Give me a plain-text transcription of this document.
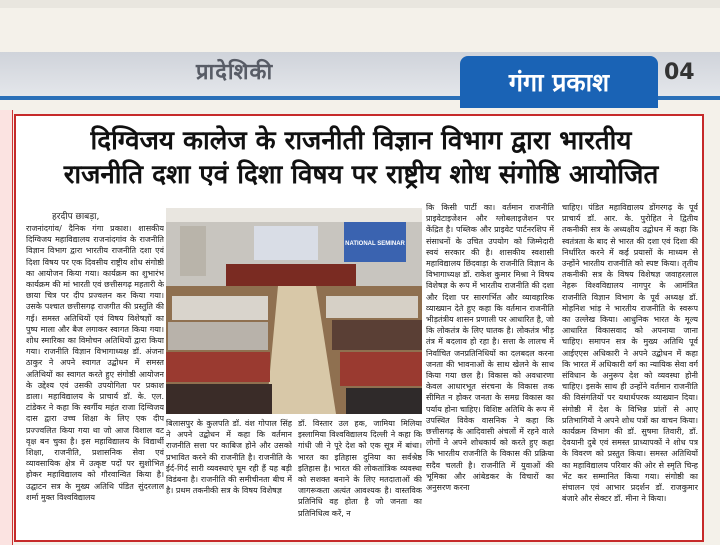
प्रादेशिकी	गंगा प्रकाश 04
दिग्विजय कालेज के राजनीती विज्ञान विभाग द्वारा भारतीय
राजनीति दशा एवं दिशा विषय पर राष्ट्रीय शोध संगोष्ठि आयोजित
हरदीप छाबड़ा,
राजनांदगांव/ दैनिक गंगा प्रकाश। शासकीय दिग्विजय महाविद्यालय राजनांदगांव के राजनीति विज्ञान विभाग द्वारा भारतीय राजनीति दशा एवं दिशा विषय पर एक दिवसीय राष्ट्रीय शोध संगोष्ठी का आयोजन किया गया। कार्यक्रम का शुभारंभ कार्यक्रम की मां भारती एवं छत्तीसगढ़ महतारी के छाया चित्र पर दीप प्रज्वलन कर किया गया। उसके पश्चात छत्तीसगढ़ राजगीत की प्रस्तुति की गई। समस्त अतिथियों एवं विषय विशेषज्ञों का पुष्प माला और बैज लगाकर स्वागत किया गया। शोध स्मारिका का विमोचन अतिथियों द्वारा किया गया। राजनीति विज्ञान विभागाध्यक्ष डॉ. अंजना ठाकुर ने अपने स्वागत उद्बोधन में समस्त अतिथियों का स्वागत करते हुए संगोष्ठी आयोजन के उद्देश्य एवं उसकी उपयोगिता पर प्रकाश डाला। महाविद्यालय के प्राचार्य डॉ. के. एल. टांडेकर ने कहा कि स्वर्गीय महंत राजा दिग्विजय दास द्वारा उच्च शिक्षा के लिए एक दीप प्रज्ज्वलित किया गया था जो आज विशाल वट वृक्ष बन चुका है। इस महाविद्यालय के विद्यार्थी शिक्षा, राजनीति, प्रशासनिक सेवा एवं व्यावसायिक क्षेत्र में उत्कृष्ट पदों पर सुशोभित होकर महाविद्यालय को गौरवान्वित किया है। उद्घाटन सत्र के मुख्य अतिथि पंडित सुंदरलाल शर्मा मुक्त विश्वविद्यालय
NATIONAL SEMINAR
बिलासपुर के कुलपति डॉ. वंश गोपाल सिंह ने अपने उद्बोधन में कहा कि वर्तमान राजनीति सत्ता पर काबिज होने और उसको प्रभावित करने की राजनीति है। राजनीति के ईर्द-गिर्द सारी व्यवस्थाएं घूम रही हैं यह बड़ी विडंबना है। राजनीति की समीचीनता बीच में है। प्रथम तकनीकी सत्र के विषय विशेषज्ञ
डॉ. विस्तार उल हक, जामिया मिलिया इस्लामिया विश्वविद्यालय दिल्ली ने कहा कि गांधी जी ने पूरे देश को एक सूत्र में बांधा। भारत का इतिहास दुनिया का सर्वश्रेष्ठ इतिहास है। भारत की लोकतांत्रिक व्यवस्था को सशक्त बनाने के लिए मतदाताओं की जागरूकता अत्यंत आवश्यक है। वास्तविक प्रतिनिधि वह होता है जो जनता का प्रतिनिधित्व करें, न
कि किसी पार्टी का। वर्तमान राजनीति प्राइवेटाइजेशन और ग्लोबलाइजेशन पर केंद्रित है। पब्लिक और प्राइवेट पार्टनरशिप में संसाधनों के उचित उपयोग को जिम्मेदारी स्वयं सरकार की है। शासकीय स्वशासी महाविद्यालय छिंदवाड़ा के राजनीति विज्ञान के विभागाध्यक्ष डॉ. राकेश कुमार मिश्रा ने विषय विशेषज्ञ के रूप में भारतीय राजनीति की दशा और दिशा पर सारगर्भित और व्यावहारिक व्याख्यान देते हुए कहा कि वर्तमान राजनीति भीड़तंत्रीय शासन प्रणाली पर आधारित है, जो कि लोकतंत्र के लिए घातक है। लोकतंत्र भीड़ तंत्र में बदलाव हो रहा है। सत्ता के लालच में निर्वाचित जनप्रतिनिधियों का दलबदल करना जनता की भावनाओं के साथ खेलने के साथ किया गया छल है। विकास को अवधारणा केवल आधारभूत संरचना के विकास तक सीमित न होकर जनता के समग्र विकास का पर्याय होना चाहिए। विशिष्ट अतिथि के रूप में उपस्थित विवेक वासनिक ने कहा कि छत्तीसगढ़ के आदिवासी अंचलों में रहने वाले लोगों ने अपने शोधकार्य को करते हुए कहा कि भारतीय राजनीति के विकास की प्रक्रिया सदैव चलती है। राजनीति में युवाओं की भूमिका और आंबेडकर के विचारों का अनुसरण करना
चाहिए। पंडित महाविद्यालय डोंगरगढ़ के पूर्व प्राचार्य डॉ. आर. के. पुरोहित ने द्वितीय तकनीकी सत्र के अध्यक्षीय उद्बोधन में कहा कि स्वतंत्रता के बाद से भारत की दशा एवं दिशा की निर्धारित करने में कई प्रयासों के माध्यम से उन्होंने भारतीय राजनीति को स्पष्ट किया। तृतीय तकनीकी सत्र के विषय विशेषज्ञ जवाहरलाल नेहरू विश्वविद्यालय नागपुर के आमंत्रित राजनीति विज्ञान विभाग के पूर्व अध्यक्ष डॉ. मोहनिश भांड़ ने भारतीय राजनीति के स्वरूप का उल्लेख किया। आधुनिक भारत के मूल्य आधारित विकासवाद को अपनाया जाना चाहिए। समापन सत्र के मुख्य अतिथि पूर्व आईएएस अधिकारी ने अपने उद्बोधन में कहा कि भारत में अधिकारी वर्ग का न्यायिक सेवा वर्ग संविधान के अनुरूप देश को व्यवस्था होनी चाहिए। इसके साथ ही उन्होंने वर्तमान राजनीति की विसंगतियों पर यथार्थपरक व्याख्यान दिया। संगोष्ठी में देश के विभिन्न प्रांतों से आए प्रतिभागियों ने अपने शोध पत्रों का वाचन किया। कार्यक्रम विभाग की डॉ. सुषमा तिवारी, डॉ. देवयानी दुबे एवं समस्त प्राध्यापकों ने शोध पत्र के विवरण को प्रस्तुत किया। समस्त अतिथियों का महाविद्यालय परिवार की ओर से स्मृति चिन्ह भेंट कर सम्मानित किया गया। संगोष्ठी का संचालन एवं आभार प्रदर्शन डॉ. राजकुमार बंजारे और सेक्टर डॉ. मीना ने किया।
